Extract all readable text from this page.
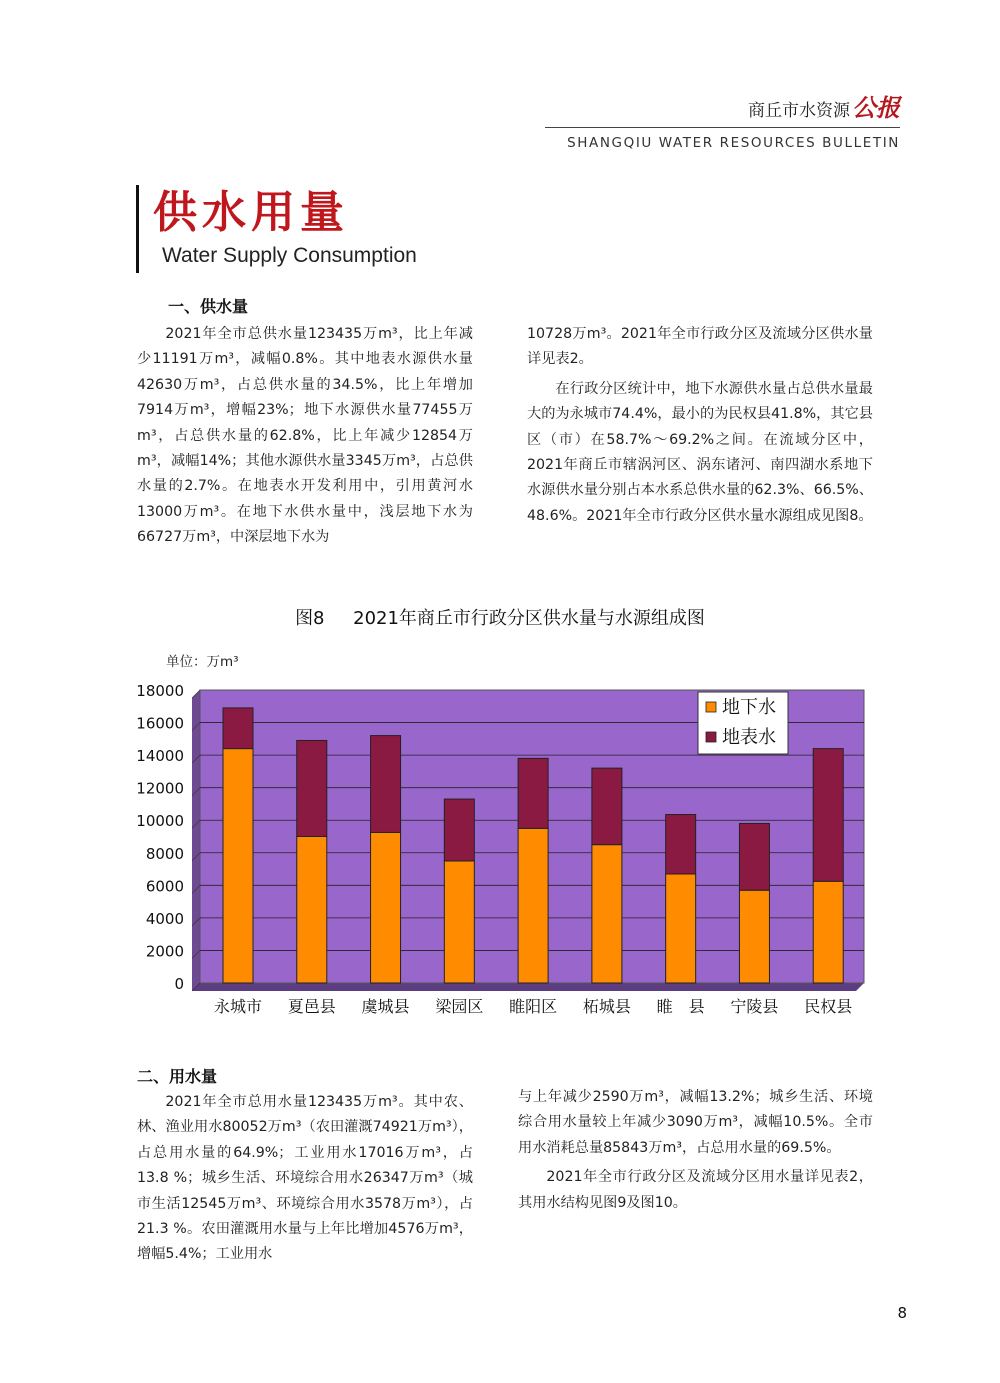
商丘市水资源公报
SHANGQIU WATER RESOURCES BULLETIN
供水用量
Water Supply Consumption
一、供水量

2021年全市总供水量123435万m³，比上年减少11191万m³，减幅0.8%。其中地表水源供水量42630万m³，占总供水量的34.5%，比上年增加7914万m³，增幅23%；地下水源供水量77455万m³，占总供水量的62.8%，比上年减少12854万m³，减幅14%；其他水源供水量3345万m³，占总供水量的2.7%。在地表水开发利用中，引用黄河水13000万m³。在地下水供水量中，浅层地下水为66727万m³，中深层地下水为

10728万m³。2021年全市行政分区及流域分区供水量详见表2。

在行政分区统计中，地下水源供水量占总供水量最大的为永城市74.4%，最小的为民权县41.8%，其它县区（市）在58.7%～69.2%之间。在流域分区中，2021年商丘市辖涡河区、涡东诸河、南四湖水系地下水源供水量分别占本水系总供水量的62.3%、66.5%、48.6%。2021年全市行政分区供水量水源组成见图8。

图8 2021年商丘市行政分区供水量与水源组成图
单位：万m³
0
2000
4000
6000
8000
10000
12000
14000
16000
18000
永城市 夏邑县 虞城县 梁园区 睢阳区 柘城县 睢　县 宁陵县 民权县
地下水
地表水
二、用水量

2021年全市总用水量123435万m³。其中农、林、渔业用水80052万m³（农田灌溉74921万m³），占总用水量的64.9%；工业用水17016万m³，占13.8 %；城乡生活、环境综合用水26347万m³（城市生活12545万m³、环境综合用水3578万m³），占21.3 %。农田灌溉用水量与上年比增加4576万m³，增幅5.4%；工业用水

与上年减少2590万m³，减幅13.2%；城乡生活、环境综合用水量较上年减少3090万m³，减幅10.5%。全市用水消耗总量85843万m³，占总用水量的69.5%。

2021年全市行政分区及流域分区用水量详见表2，其用水结构见图9及图10。

8
